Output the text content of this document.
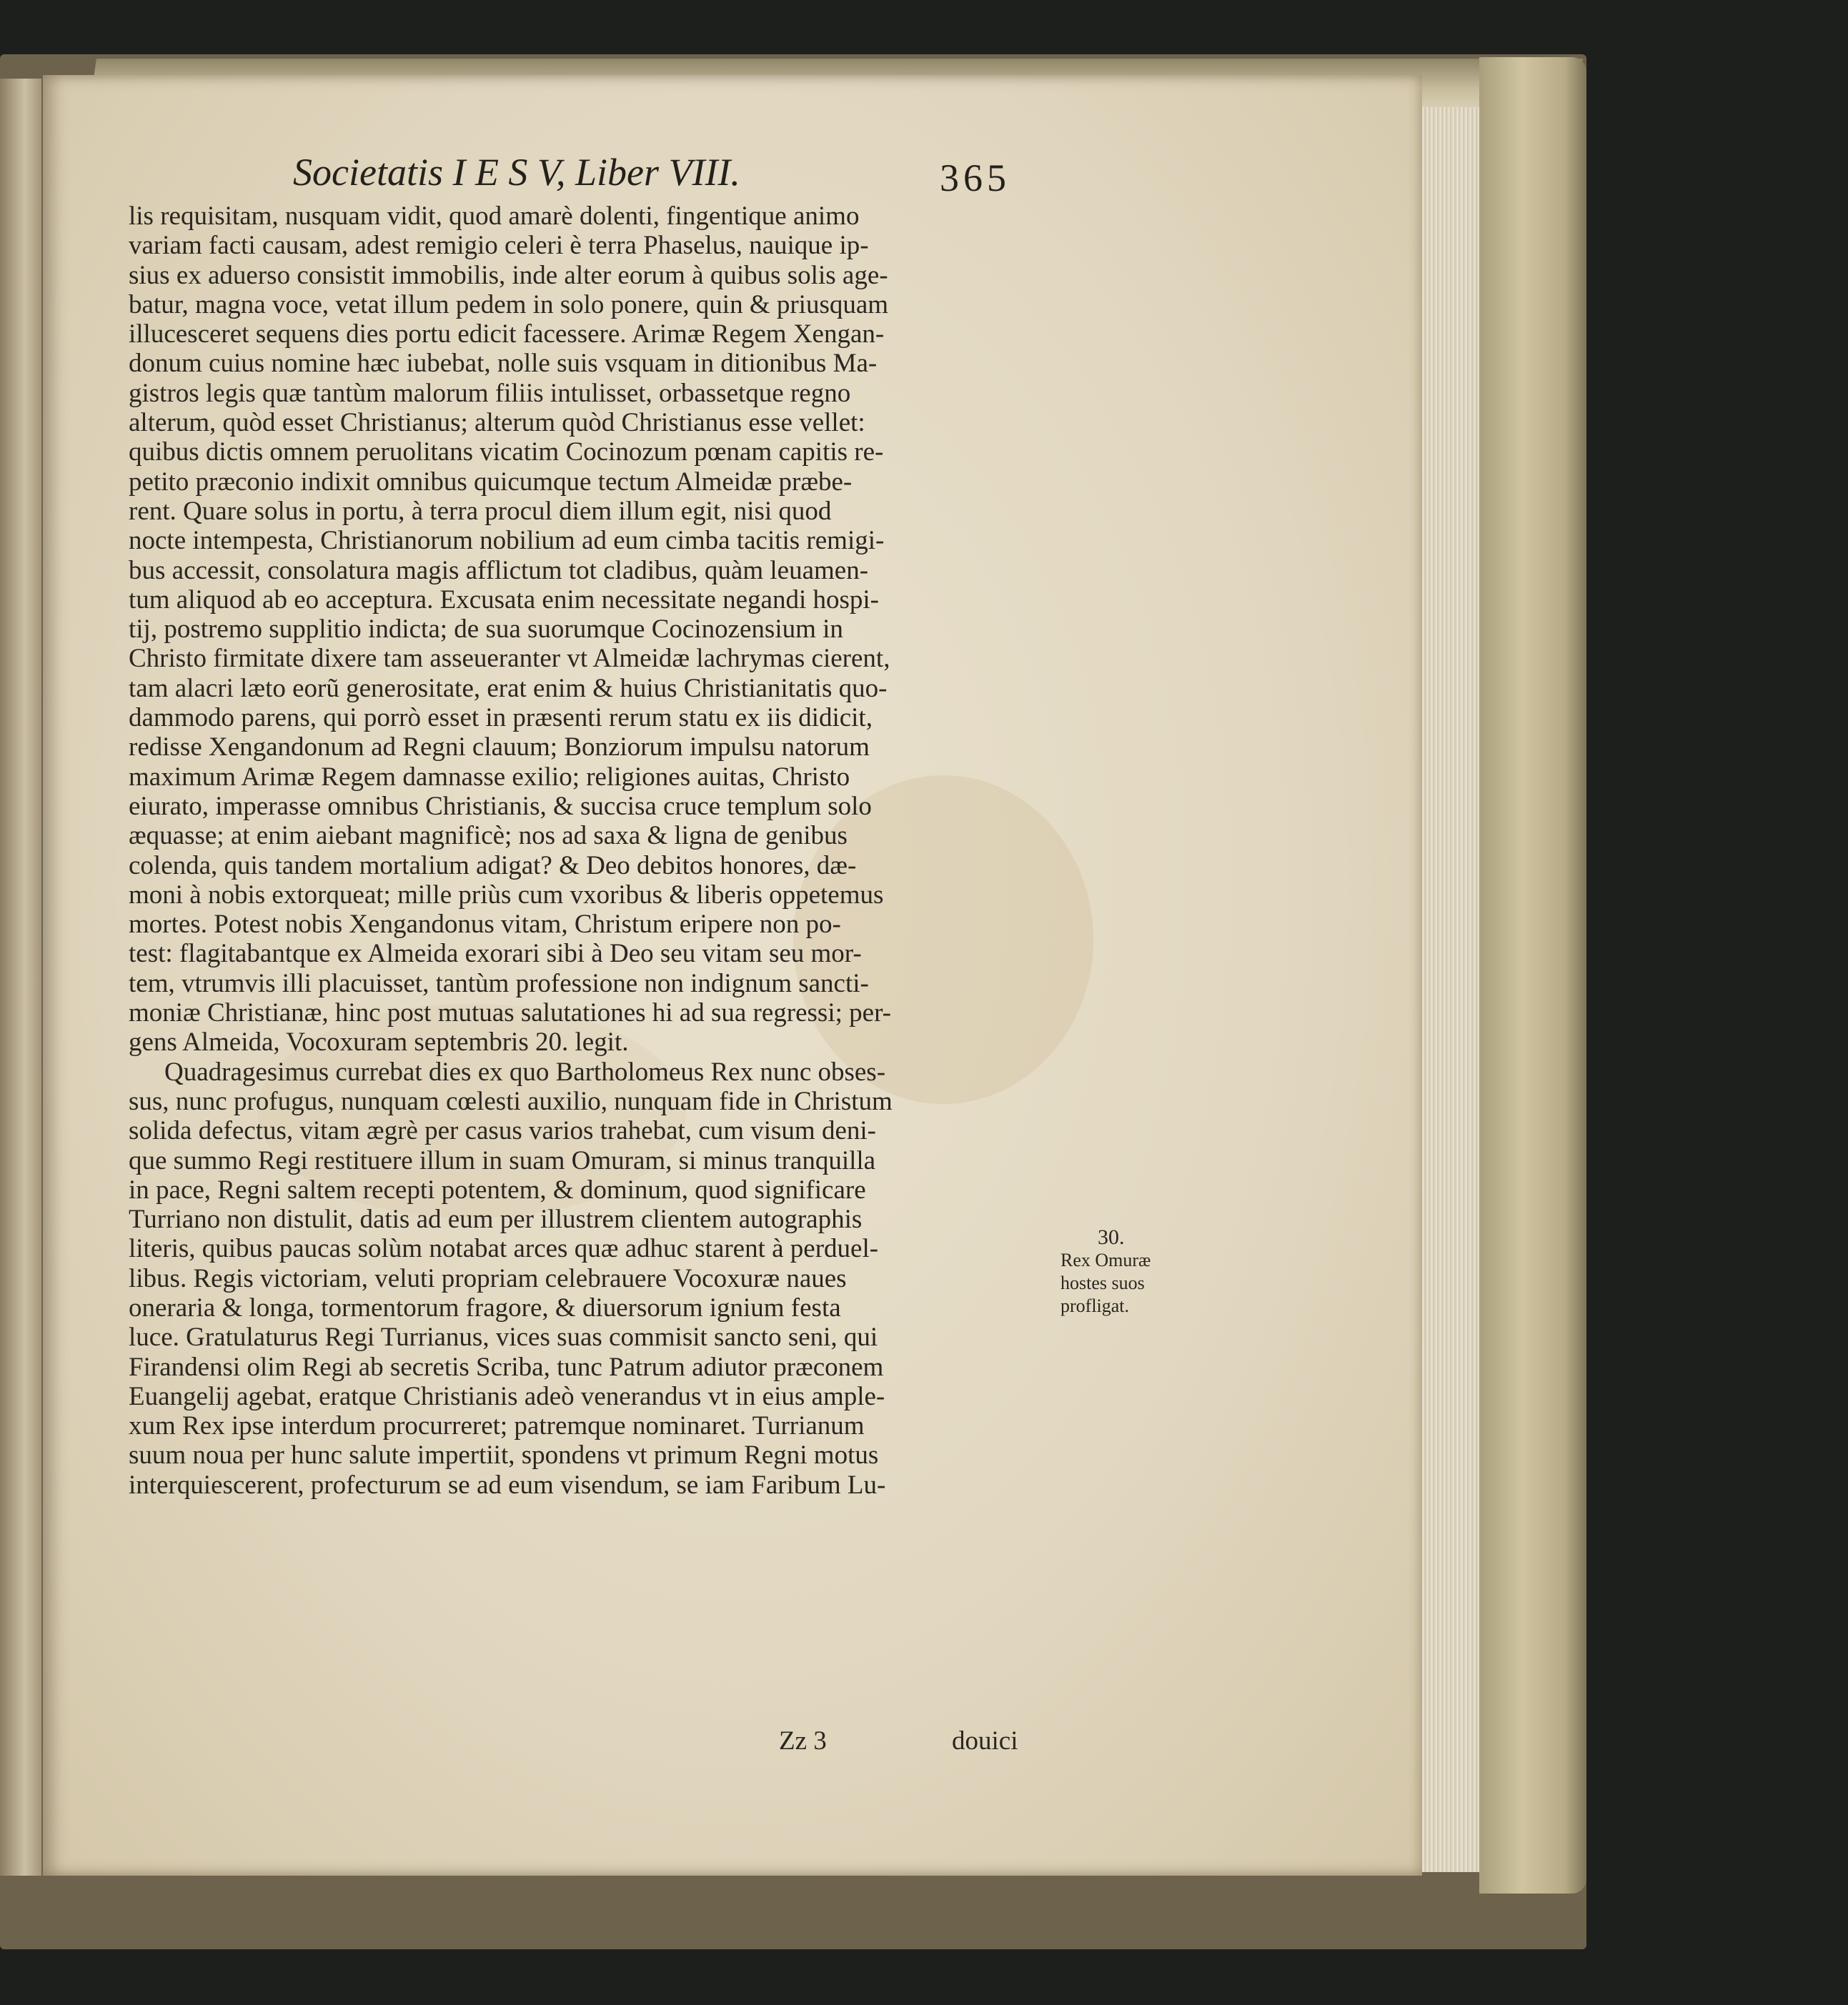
Societatis I E S V, Liber VIII.	365
lis requisitam, nusquam vidit, quod amarè dolenti, fingentique animo
variam facti causam, adest remigio celeri è terra Phaselus, nauique ip-
sius ex aduerso consistit immobilis, inde alter eorum à quibus solis age-
batur, magna voce, vetat illum pedem in solo ponere, quin & priusquam
illucesceret sequens dies portu edicit facessere. Arimæ Regem Xengan-
donum cuius nomine hæc iubebat, nolle suis vsquam in ditionibus Ma-
gistros legis quæ tantùm malorum filiis intulisset, orbassetque regno
alterum, quòd esset Christianus; alterum quòd Christianus esse vellet:
quibus dictis omnem peruolitans vicatim Cocinozum pœnam capitis re-
petito præconio indixit omnibus quicumque tectum Almeidæ præbe-
rent. Quare solus in portu, à terra procul diem illum egit, nisi quod
nocte intempesta, Christianorum nobilium ad eum cimba tacitis remigi-
bus accessit, consolatura magis afflictum tot cladibus, quàm leuamen-
tum aliquod ab eo acceptura. Excusata enim necessitate negandi hospi-
tij, postremo supplitio indicta; de sua suorumque Cocinozensium in
Christo firmitate dixere tam asseueranter vt Almeidæ lachrymas cierent,
tam alacri læto eorũ generositate, erat enim & huius Christianitatis quo-
dammodo parens, qui porrò esset in præsenti rerum statu ex iis didicit,
redisse Xengandonum ad Regni clauum; Bonziorum impulsu natorum
maximum Arimæ Regem damnasse exilio; religiones auitas, Christo
eiurato, imperasse omnibus Christianis, & succisa cruce templum solo
æquasse; at enim aiebant magnificè; nos ad saxa & ligna de genibus
colenda, quis tandem mortalium adigat? & Deo debitos honores, dæ-
moni à nobis extorqueat; mille priùs cum vxoribus & liberis oppetemus
mortes. Potest nobis Xengandonus vitam, Christum eripere non po-
test: flagitabantque ex Almeida exorari sibi à Deo seu vitam seu mor-
tem, vtrumvis illi placuisset, tantùm professione non indignum sancti-
moniæ Christianæ, hinc post mutuas salutationes hi ad sua regressi; per-
gens Almeida, Vocoxuram septembris 20. legit.
Quadragesimus currebat dies ex quo Bartholomeus Rex nunc obses-
sus, nunc profugus, nunquam cœlesti auxilio, nunquam fide in Christum
solida defectus, vitam ægrè per casus varios trahebat, cum visum deni-
que summo Regi restituere illum in suam Omuram, si minus tranquilla
in pace, Regni saltem recepti potentem, & dominum, quod significare
Turriano non distulit, datis ad eum per illustrem clientem autographis
literis, quibus paucas solùm notabat arces quæ adhuc starent à perduel-
libus. Regis victoriam, veluti propriam celebrauere Vocoxuræ naues
oneraria & longa, tormentorum fragore, & diuersorum ignium festa
luce. Gratulaturus Regi Turrianus, vices suas commisit sancto seni, qui
Firandensi olim Regi ab secretis Scriba, tunc Patrum adiutor præconem
Euangelij agebat, eratque Christianis adeò venerandus vt in eius ample-
xum Rex ipse interdum procurreret; patremque nominaret. Turrianum
suum noua per hunc salute impertiit, spondens vt primum Regni motus
interquiescerent, profecturum se ad eum visendum, se iam Faribum Lu-
30.
Rex Omuræ
hostes suos
profligat.
Zz 3	douici
